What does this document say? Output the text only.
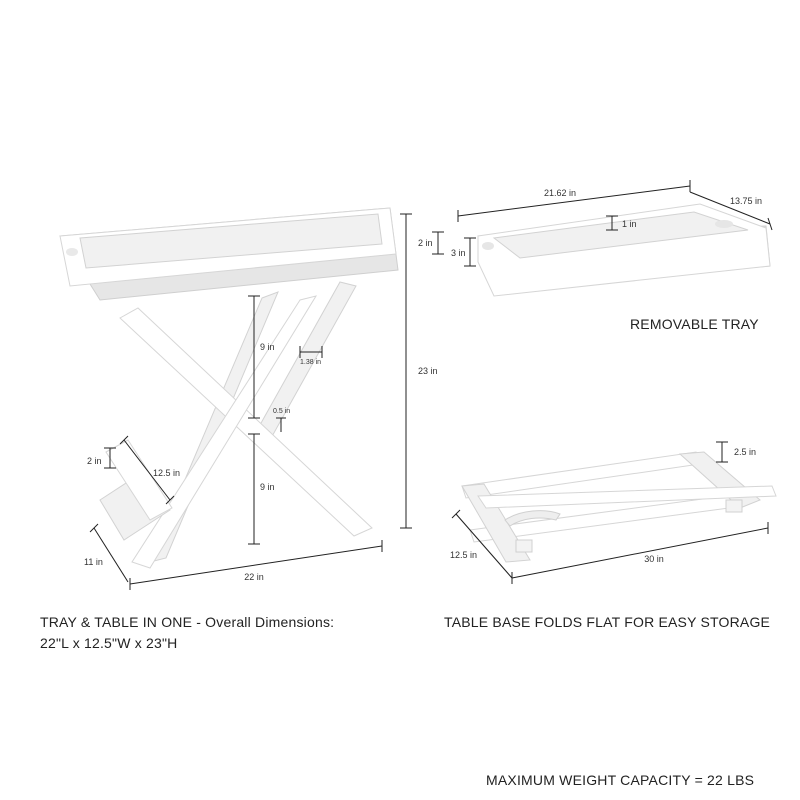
22 in
11 in
23 in
9 in
9 in
1.38 in
0.5 in
2 in
12.5 in
21.62 in
13.75 in
2 in
3 in
1 in
2.5 in
12.5 in	30 in
TRAY & TABLE IN ONE - Overall Dimensions:
22"L x 12.5"W x 23"H
REMOVABLE TRAY
TABLE BASE FOLDS FLAT FOR EASY STORAGE
MAXIMUM WEIGHT CAPACITY = 22 LBS
